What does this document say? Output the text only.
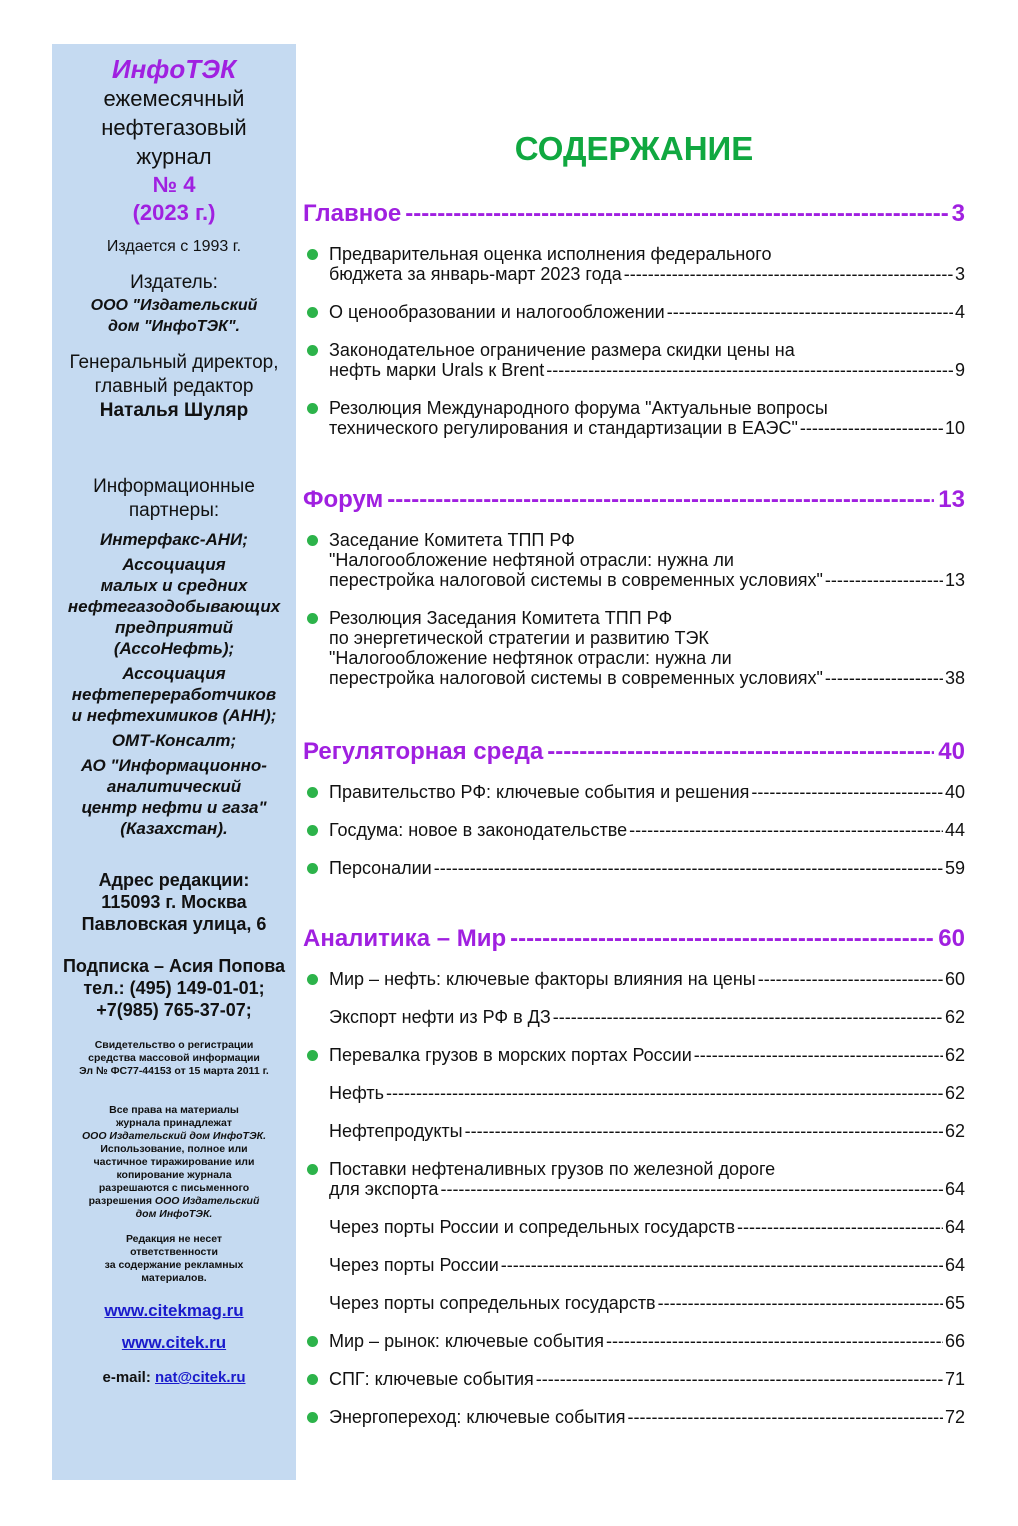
ИнфоТЭК
ежемесячный
нефтегазовый
журнал
№ 4
(2023 г.)
Издается с 1993 г.
Издатель:
ООО "Издательский
дом "ИнфоТЭК".
Генеральный директор,
главный редактор
Наталья Шуляр
Информационные
партнеры:
Интерфакс-АНИ;
Ассоциация
малых и средних
нефтегазодобывающих
предприятий
(АссоНефть);
Ассоциация
нефтепереработчиков
и нефтехимиков (АНН);
ОМТ-Консалт;
АО "Информационно-
аналитический
центр нефти и газа"
(Казахстан).
Адрес редакции:
115093 г. Москва
Павловская улица, 6
Подписка – Асия Попова
тел.: (495) 149-01-01;
+7(985) 765-37-07;
Свидетельство о регистрации
средства массовой информации
Эл № ФС77-44153 от 15 марта 2011 г.
Все права на материалы
журнала принадлежат
ООО Издательский дом ИнфоТЭК.
Использование, полное или
частичное тиражирование или
копирование журнала
разрешаются с письменного
разрешения ООО Издательский
дом ИнфоТЭК.
Редакция не несет
ответственности
за содержание рекламных
материалов.
www.citekmag.ru
www.citek.ru
e-mail: nat@citek.ru
СОДЕРЖАНИЕ
Главное -----	3
Предварительная оценка исполнения федерального
бюджета за январь-март 2023 года -----	3
О ценообразовании и налогообложении -----	4
Законодательное ограничение размера скидки цены на
нефть марки Urals к Brent -----	9
Резолюция Международного форума "Актуальные вопросы
технического регулирования и стандартизации в ЕАЭС" -----	10
Форум -----	13
Заседание Комитета ТПП РФ
"Налогообложение нефтяной отрасли: нужна ли
перестройка налоговой системы в современных условиях" -----	13
Резолюция Заседания Комитета ТПП РФ
по энергетической стратегии и развитию ТЭК
"Налогообложение нефтянок отрасли: нужна ли
перестройка налоговой системы в современных условиях" -----	38
Регуляторная среда -----	40
Правительство РФ: ключевые события и решения -----	40
Госдума: новое в законодательстве -----	44
Персоналии -----	59
Аналитика – Мир -----	60
Мир – нефть: ключевые факторы влияния на цены -----	60
Экспорт нефти из РФ в ДЗ -----	62
Перевалка грузов в морских портах России -----	62
Нефть -----	62
Нефтепродукты -----	62
Поставки нефтеналивных грузов по железной дороге
для экспорта -----	64
Через порты России и сопредельных государств -----	64
Через порты России -----	64
Через порты сопредельных государств -----	65
Мир – рынок: ключевые события -----	66
СПГ: ключевые события -----	71
Энергопереход: ключевые события -----	72
